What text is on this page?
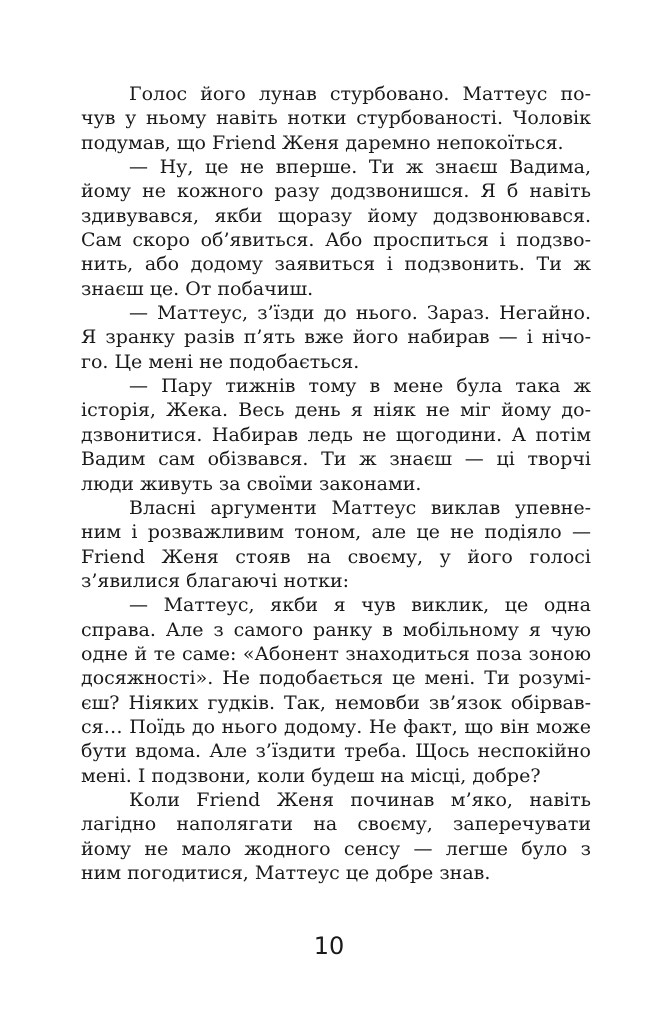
Голос його лунав стурбовано. Маттеус по-
чув у ньому навіть нотки стурбованості. Чоловік
подумав, що Friend Женя даремно непокоїться.
— Ну, це не вперше. Ти ж знаєш Вадима,
йому не кожного разу додзвонишся. Я б навіть
здивувався, якби щоразу йому додзвонювався.
Сам скоро об’явиться. Або проспиться і подзво-
нить, або додому заявиться і подзвонить. Ти ж
знаєш це. От побачиш.
— Маттеус, з’їзди до нього. Зараз. Негайно.
Я зранку разів п’ять вже його набирав — і нічо-
го. Це мені не подобається.
— Пару тижнів тому в мене була така ж
історія, Жека. Весь день я ніяк не міг йому до-
дзвонитися. Набирав ледь не щогодини. А потім
Вадим сам обізвався. Ти ж знаєш — ці творчі
люди живуть за своїми законами.
Власні аргументи Маттеус виклав упевне-
ним і розважливим тоном, але це не подіяло —
Friend Женя стояв на своєму, у його голосі
з’явилися благаючі нотки:
— Маттеус, якби я чув виклик, це одна
справа. Але з самого ранку в мобільному я чую
одне й те саме: «Абонент знаходиться поза зоною
досяжності». Не подобається це мені. Ти розумі-
єш? Ніяких гудків. Так, немовби зв’язок обірвав-
ся… Поїдь до нього додому. Не факт, що він може
бути вдома. Але з’їздити треба. Щось неспокійно
мені. І подзвони, коли будеш на місці, добре?
Коли Friend Женя починав м’яко, навіть
лагідно наполягати на своєму, заперечувати
йому не мало жодного сенсу — легше було з
ним погодитися, Маттеус це добре знав.
10
